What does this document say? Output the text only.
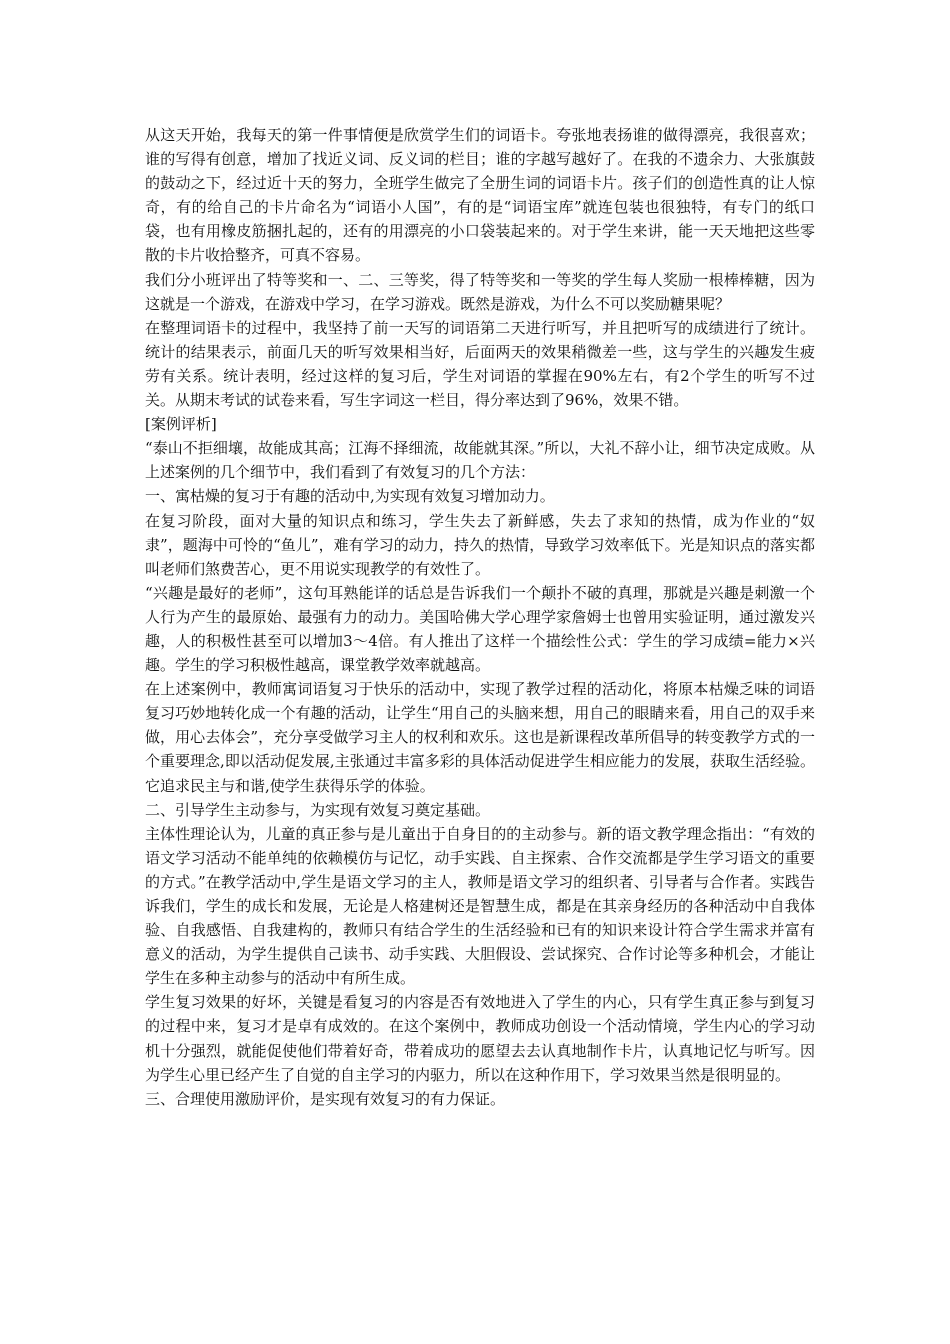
从这天开始，我每天的第一件事情便是欣赏学生们的词语卡。夸张地表扬谁的做得漂亮，我很喜欢；谁的写得有创意，增加了找近义词、反义词的栏目；谁的字越写越好了。在我的不遗余力、大张旗鼓的鼓动之下，经过近十天的努力，全班学生做完了全册生词的词语卡片。孩子们的创造性真的让人惊奇，有的给自己的卡片命名为“词语小人国”，有的是“词语宝库”就连包装也很独特，有专门的纸口袋，也有用橡皮筋捆扎起的，还有的用漂亮的小口袋装起来的。对于学生来讲，能一天天地把这些零散的卡片收拾整齐，可真不容易。

我们分小班评出了特等奖和一、二、三等奖，得了特等奖和一等奖的学生每人奖励一根棒棒糖，因为这就是一个游戏，在游戏中学习，在学习游戏。既然是游戏，为什么不可以奖励糖果呢？

在整理词语卡的过程中，我坚持了前一天写的词语第二天进行听写，并且把听写的成绩进行了统计。统计的结果表示，前面几天的听写效果相当好，后面两天的效果稍微差一些，这与学生的兴趣发生疲劳有关系。统计表明，经过这样的复习后，学生对词语的掌握在90%左右，有2个学生的听写不过关。从期末考试的试卷来看，写生字词这一栏目，得分率达到了96%，效果不错。

[案例评析]

“泰山不拒细壤，故能成其高；江海不择细流，故能就其深。”所以，大礼不辞小让，细节决定成败。从上述案例的几个细节中，我们看到了有效复习的几个方法：

一、寓枯燥的复习于有趣的活动中,为实现有效复习增加动力。

在复习阶段，面对大量的知识点和练习，学生失去了新鲜感，失去了求知的热情，成为作业的“奴隶”，题海中可怜的“鱼儿”，难有学习的动力，持久的热情，导致学习效率低下。光是知识点的落实都叫老师们煞费苦心，更不用说实现教学的有效性了。

“兴趣是最好的老师”，这句耳熟能详的话总是告诉我们一个颠扑不破的真理，那就是兴趣是刺激一个人行为产生的最原始、最强有力的动力。美国哈佛大学心理学家詹姆士也曾用实验证明，通过激发兴趣，人的积极性甚至可以增加3～4倍。有人推出了这样一个描绘性公式：学生的学习成绩=能力×兴趣。学生的学习积极性越高，课堂教学效率就越高。

在上述案例中，教师寓词语复习于快乐的活动中，实现了教学过程的活动化，将原本枯燥乏味的词语复习巧妙地转化成一个有趣的活动，让学生“用自己的头脑来想，用自己的眼睛来看，用自己的双手来做，用心去体会”，充分享受做学习主人的权利和欢乐。这也是新课程改革所倡导的转变教学方式的一个重要理念,即以活动促发展,主张通过丰富多彩的具体活动促进学生相应能力的发展，获取生活经验。它追求民主与和谐,使学生获得乐学的体验。

二、引导学生主动参与，为实现有效复习奠定基础。

主体性理论认为，儿童的真正参与是儿童出于自身目的的主动参与。新的语文教学理念指出：“有效的语文学习活动不能单纯的依赖模仿与记忆，动手实践、自主探索、合作交流都是学生学习语文的重要的方式。”在教学活动中,学生是语文学习的主人，教师是语文学习的组织者、引导者与合作者。实践告诉我们，学生的成长和发展，无论是人格建树还是智慧生成，都是在其亲身经历的各种活动中自我体验、自我感悟、自我建构的，教师只有结合学生的生活经验和已有的知识来设计符合学生需求并富有意义的活动，为学生提供自己读书、动手实践、大胆假设、尝试探究、合作讨论等多种机会，才能让学生在多种主动参与的活动中有所生成。

学生复习效果的好坏，关键是看复习的内容是否有效地进入了学生的内心，只有学生真正参与到复习的过程中来，复习才是卓有成效的。在这个案例中，教师成功创设一个活动情境，学生内心的学习动机十分强烈，就能促使他们带着好奇，带着成功的愿望去去认真地制作卡片，认真地记忆与听写。因为学生心里已经产生了自觉的自主学习的内驱力，所以在这种作用下，学习效果当然是很明显的。

三、合理使用激励评价，是实现有效复习的有力保证。
